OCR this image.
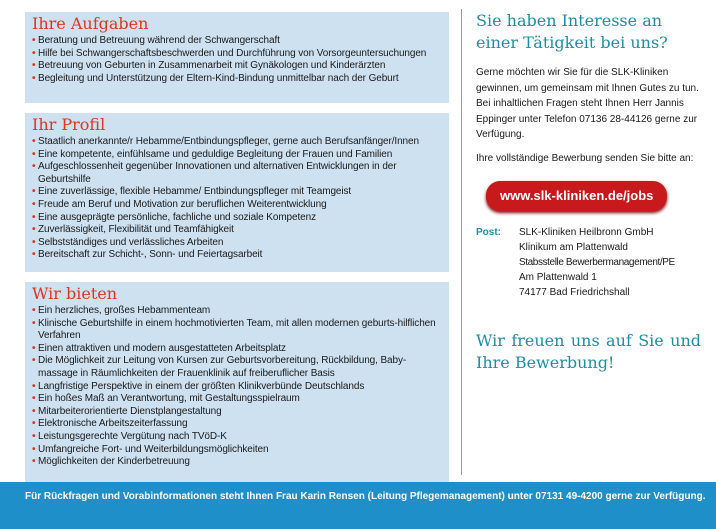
Ihre Aufgaben
• Beratung und Betreuung während der Schwangerschaft
• Hilfe bei Schwangerschaftsbeschwerden und Durchführung von Vorsorgeuntersuchungen
• Betreuung von Geburten in Zusammenarbeit mit Gynäkologen und Kinderärzten
• Begleitung und Unterstützung der Eltern-Kind-Bindung unmittelbar nach der Geburt
Ihr Profil
• Staatlich anerkannte/r Hebamme/Entbindungspfleger, gerne auch Berufsanfänger/Innen
• Eine kompetente, einfühlsame und geduldige Begleitung der Frauen und Familien
• Aufgeschlossenheit gegenüber Innovationen und alternativen Entwicklungen in der Geburtshilfe
• Eine zuverlässige, flexible Hebamme/ Entbindungspfleger mit Teamgeist
• Freude am Beruf und Motivation zur beruflichen Weiterentwicklung
• Eine ausgeprägte persönliche, fachliche und soziale Kompetenz
• Zuverlässigkeit, Flexibilität und Teamfähigkeit
• Selbstständiges und verlässliches Arbeiten
• Bereitschaft zur Schicht-, Sonn- und Feiertagsarbeit
Wir bieten
• Ein herzliches, großes Hebammenteam
• Klinische Geburtshilfe in einem hochmotivierten Team, mit allen modernen geburts-hilflichen Verfahren
• Einen attraktiven und modern ausgestatteten Arbeitsplatz
• Die Möglichkeit zur Leitung von Kursen zur Geburtsvorbereitung, Rückbildung, Baby-massage in Räumlichkeiten der Frauenklinik auf freiberuflicher Basis
• Langfristige Perspektive in einem der größten Klinikverbünde Deutschlands
• Ein hoßes Maß an Verantwortung, mit Gestaltungsspielraum
• Mitarbeiterorientierte Dienstplangestaltung
• Elektronische Arbeitszeiterfassung
• Leistungsgerechte Vergütung nach TVöD-K
• Umfangreiche Fort- und Weiterbildungsmöglichkeiten
• Möglichkeiten der Kinderbetreuung

Sie haben Interesse an einer Tätigkeit bei uns?

Gerne möchten wir Sie für die SLK-Kliniken gewinnen, um gemeinsam mit Ihnen Gutes zu tun. Bei inhaltlichen Fragen steht Ihnen Herr Jannis Eppinger unter Telefon 07136 28-44126 gerne zur Verfügung.

Ihre vollständige Bewerbung senden Sie bitte an:

www.slk-kliniken.de/jobs
Post:	SLK-Kliniken Heilbronn GmbH
Klinikum am Plattenwald
Stabsstelle Bewerbermanagement/PE
Am Plattenwald 1
74177 Bad Friedrichshall

Wir freuen uns auf Sie und Ihre Bewerbung!

Für Rückfragen und Vorabinformationen steht Ihnen Frau Karin Rensen (Leitung Pflegemanagement) unter 07131 49-4200 gerne zur Verfügung.
